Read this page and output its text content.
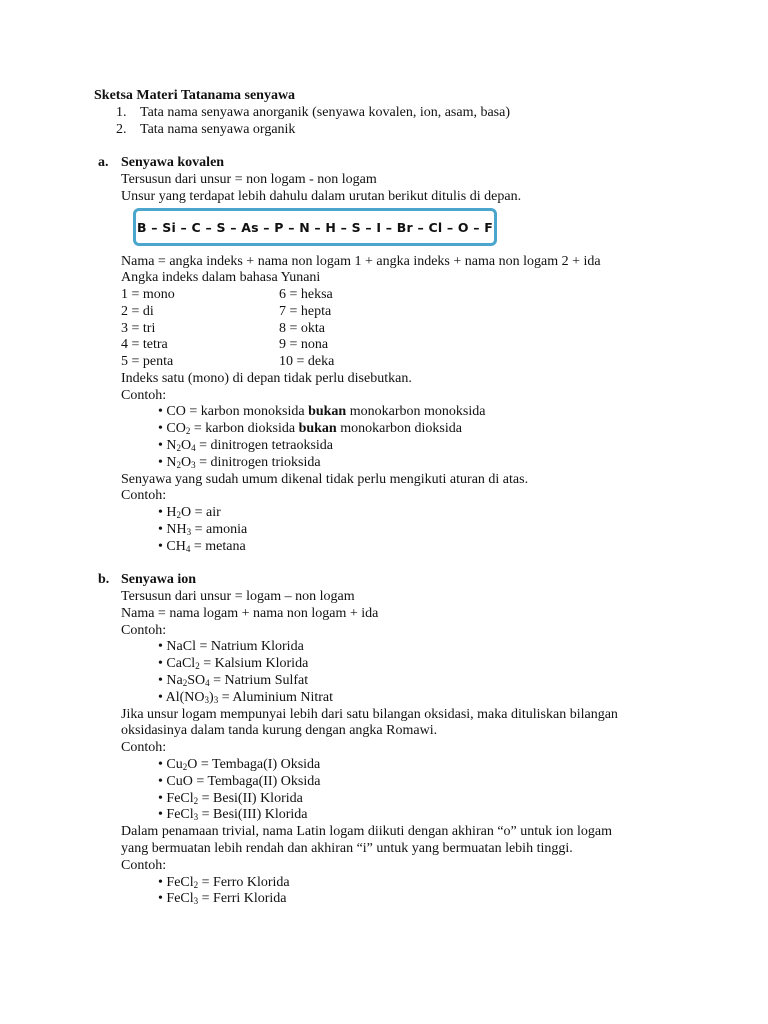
Sketsa Materi Tatanama senyawa
1. Tata nama senyawa anorganik (senyawa kovalen, ion, asam, basa)
2. Tata nama senyawa organik
a. Senyawa kovalen
Tersusun dari unsur = non logam - non logam
Unsur yang terdapat lebih dahulu dalam urutan berikut ditulis di depan.
B – Si – C – S – As – P – N – H – S – I – Br – Cl – O – F
Nama = angka indeks + nama non logam 1 + angka indeks + nama non logam 2 + ida
Angka indeks dalam bahasa Yunani
1 = mono
2 = di
3 = tri
4 = tetra
5 = penta
6 = heksa
7 = hepta
8 = okta
9 = nona
10 = deka
Indeks satu (mono) di depan tidak perlu disebutkan.
Contoh:
• CO = karbon monoksida bukan monokarbon monoksida
• $CO_2$ = karbon dioksida bukan monokarbon dioksida
• $N_2O_4$ = dinitrogen tetraoksida
• $N_2O_3$ = dinitrogen trioksida
Senyawa yang sudah umum dikenal tidak perlu mengikuti aturan di atas.
Contoh:
• $H_2O$ = air
• $NH_3$ = amonia
• $CH_4 = metana$
b. Senyawa ion
Tersusun dari unsur = logam – non logam
Nama = nama logam + nama non logam + ida
Contoh:
• NaCl = Natrium Klorida
• CaCl$_2$ = Kalsium Klorida
• $Na_2SO_4$ = Natrium Sulfat
• $Al(NO_3)_3$ = Aluminium Nitrat
Jika unsur logam mempunyai lebih dari satu bilangan oksidasi, maka dituliskan bilangan
oksidasinya dalam tanda kurung dengan angka Romawi.
Contoh:
• $Cu_2O$ = Tembaga(I) Oksida
• CuO = Tembaga(II) Oksida
• FeCl$_2$ = Besi(II) Klorida
• FeCl$_3$ = Besi(III) Klorida
Dalam penamaan trivial, nama Latin logam diikuti dengan akhiran “o” untuk ion logam
yang bermuatan lebih rendah dan akhiran “i” untuk yang bermuatan lebih tinggi.
Contoh:
• FeCl$_2$ = Ferro Klorida
• FeCl$_3$ = Ferri Klorida
